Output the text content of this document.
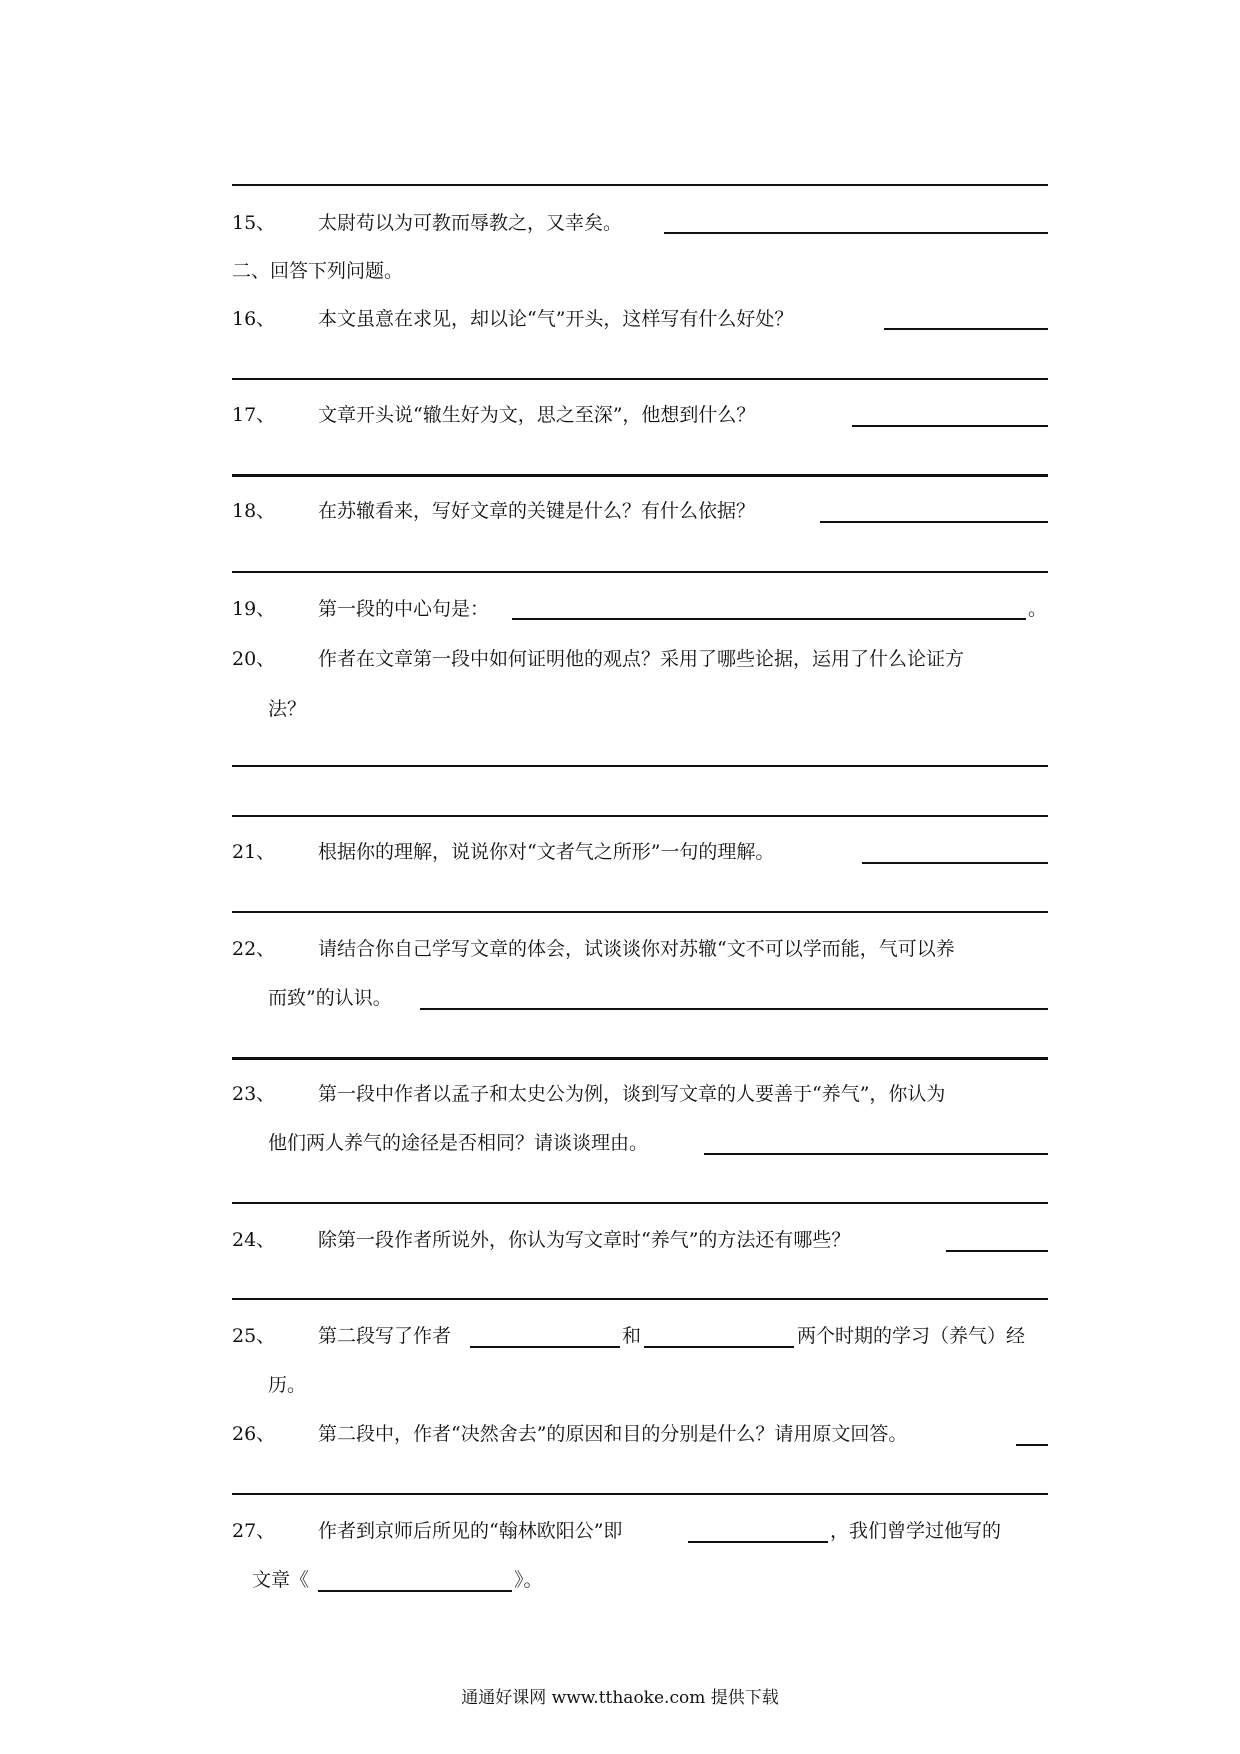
15、 太尉苟以为可教而辱教之，又幸矣。
二、回答下列问题。
16、 本文虽意在求见，却以论“气”开头，这样写有什么好处？
17、 文章开头说“辙生好为文，思之至深”，他想到什么？
18、 在苏辙看来，写好文章的关键是什么？有什么依据？
19、 第一段的中心句是：	。
20、 作者在文章第一段中如何证明他的观点？采用了哪些论据，运用了什么论证方
法？
21、 根据你的理解，说说你对“文者气之所形”一句的理解。
22、 请结合你自己学写文章的体会，试谈谈你对苏辙“文不可以学而能，气可以养
而致”的认识。
23、 第一段中作者以孟子和太史公为例，谈到写文章的人要善于“养气”，你认为
他们两人养气的途径是否相同？请谈谈理由。
24、 除第一段作者所说外，你认为写文章时“养气”的方法还有哪些？
25、 第二段写了作者	和	两个时期的学习（养气）经
历。
26、 第二段中，作者“决然舍去”的原因和目的分别是什么？请用原文回答。
27、 作者到京师后所见的“翰林欧阳公”即	，我们曾学过他写的
文章《	》。
通通好课网 www.tthaoke.com 提供下载
